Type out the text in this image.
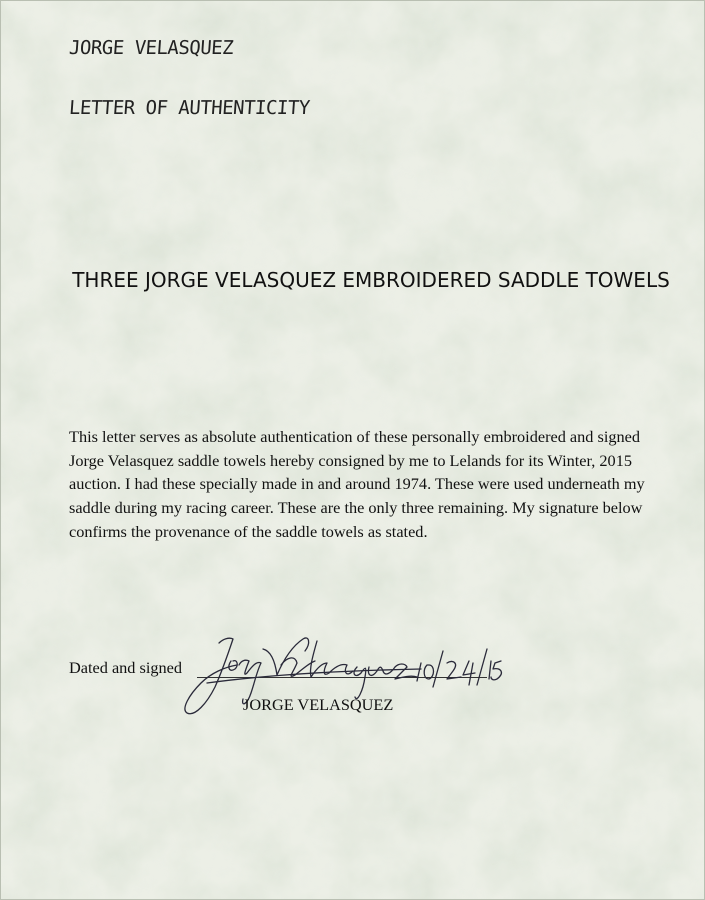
JORGE VELASQUEZ
LETTER OF AUTHENTICITY
THREE JORGE VELASQUEZ EMBROIDERED SADDLE TOWELS
This letter serves as absolute authentication of these personally embroidered and signed Jorge Velasquez saddle towels hereby consigned by me to Lelands for its Winter, 2015 auction. I had these specially made in and around 1974. These were used underneath my saddle during my racing career. These are the only three remaining. My signature below confirms the provenance of the saddle towels as stated.
Dated and signed
JORGE VELASQUEZ
